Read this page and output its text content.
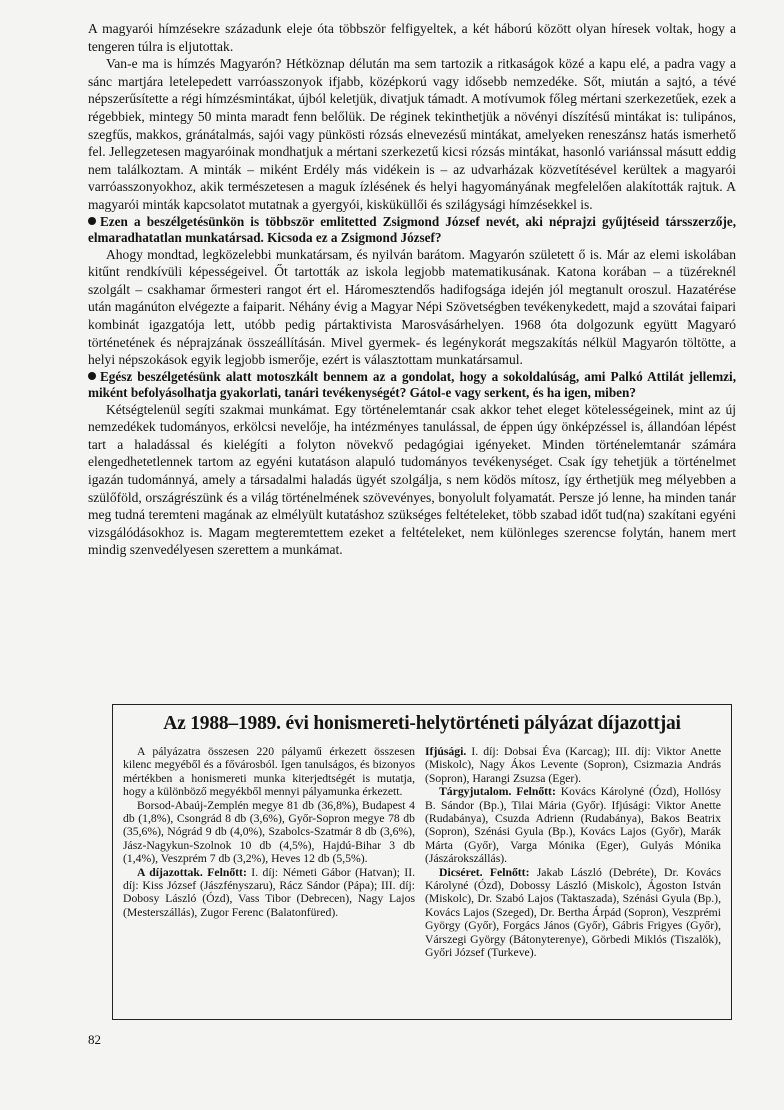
A magyarói hímzésekre századunk eleje óta többször felfigyeltek, a két háború között olyan híresek voltak, hogy a tengeren túlra is eljutottak.

Van-e ma is hímzés Magyarón? Hétköznap délután ma sem tartozik a ritkaságok közé a kapu elé, a padra vagy a sánc martjára letelepedett varróasszonyok ifjabb, középkorú vagy idősebb nemzedéke. Sőt, miután a sajtó, a tévé népszerűsítette a régi hímzésmintákat, újból keletjük, divatjuk támadt. A motívumok főleg mértani szerkezetűek, ezek a régebbiek, mintegy 50 minta maradt fenn belőlük. De réginek tekinthetjük a növényi díszítésű mintákat is: tulipános, szegfűs, makkos, gránátalmás, sajói vagy pünkösti rózsás elnevezésű mintákat, amelyeken reneszánsz hatás ismerhető fel. Jellegzetesen magyaróinak mondhatjuk a mértani szerkezetű kicsi rózsás mintákat, hasonló variánssal másutt eddig nem találkoztam. A minták – miként Erdély más vidékein is – az udvarházak közvetítésével kerültek a magyarói varróasszonyokhoz, akik természetesen a maguk ízlésének és helyi hagyományának megfelelően alakították rajtuk. A magyarói minták kapcsolatot mutatnak a gyergyói, kisküküllői és szilágysági hímzésekkel is.

Ezen a beszélgetésünkön is többször emlitetted Zsigmond József nevét, aki néprajzi gyűjtéseid társszerzője, elmaradhatatlan munkatársad. Kicsoda ez a Zsigmond József?

Ahogy mondtad, legközelebbi munkatársam, és nyilván barátom. Magyarón született ő is. Már az elemi iskolában kitűnt rendkívüli képességeivel. Őt tartották az iskola legjobb matematikusának. Katona korában – a tüzéreknél szolgált – csakhamar őrmesteri rangot ért el. Háromesztendős hadifogsága idején jól megtanult oroszul. Hazatérése után magánúton elvégezte a faiparit. Néhány évig a Magyar Népi Szövetségben tevékenykedett, majd a szovátai faipari kombinát igazgatója lett, utóbb pedig pártaktivista Marosvásárhelyen. 1968 óta dolgozunk együtt Magyaró történetének és néprajzának összeállításán. Mivel gyermek- és legénykorát megszakítás nélkül Magyarón töltötte, a helyi népszokások egyik legjobb ismerője, ezért is választottam munkatársamul.

Egész beszélgetésünk alatt motoszkált bennem az a gondolat, hogy a sokoldalúság, ami Palkó Attilát jellemzi, miként befolyásolhatja gyakorlati, tanári tevékenységét? Gátol-e vagy serkent, és ha igen, miben?

Kétségtelenül segíti szakmai munkámat. Egy történelemtanár csak akkor tehet eleget kötelességeinek, mint az új nemzedékek tudományos, erkölcsi nevelője, ha intézményes tanulással, de éppen úgy önképzéssel is, állandóan lépést tart a haladással és kielégíti a folyton növekvő pedagógiai igényeket. Minden történelemtanár számára elengedhetetlennek tartom az egyéni kutatáson alapuló tudományos tevékenységet. Csak így tehetjük a történelmet igazán tudománnyá, amely a társadalmi haladás ügyét szolgálja, s nem ködös mítosz, így érthetjük meg mélyebben a szülőföld, országrészünk és a világ történelmének szövevényes, bonyolult folyamatát. Persze jó lenne, ha minden tanár meg tudná teremteni magának az elmélyült kutatáshoz szükséges feltételeket, több szabad időt tud(na) szakítani egyéni vizsgálódásokhoz is. Magam megteremtettem ezeket a feltételeket, nem különleges szerencse folytán, hanem mert mindig szenvedélyesen szerettem a munkámat.

Az 1988–1989. évi honismereti-helytörténeti pályázat díjazottjai

A pályázatra összesen 220 pályamű érkezett összesen kilenc megyéből és a fővárosból. Igen tanulságos, és bizonyos mértékben a honismereti munka kiterjedtségét is mutatja, hogy a különböző megyékből mennyi pályamunka érkezett.

Borsod-Abaúj-Zemplén megye 81 db (36,8%), Budapest 4 db (1,8%), Csongrád 8 db (3,6%), Győr-Sopron megye 78 db (35,6%), Nógrád 9 db (4,0%), Szabolcs-Szatmár 8 db (3,6%), Jász-Nagykun-Szolnok 10 db (4,5%), Hajdú-Bihar 3 db (1,4%), Veszprém 7 db (3,2%), Heves 12 db (5,5%).

A díjazottak. Felnőtt: I. díj: Németi Gábor (Hatvan); II. díj: Kiss József (Jászfényszaru), Rácz Sándor (Pápa); III. díj: Dobosy László (Ózd), Vass Tibor (Debrecen), Nagy Lajos (Mesterszállás), Zugor Ferenc (Balatonfüred).

Ifjúsági. I. díj: Dobsai Éva (Karcag); III. díj: Viktor Anette (Miskolc), Nagy Ákos Levente (Sopron), Csizmazia András (Sopron), Harangi Zsuzsa (Eger).

Tárgyjutalom. Felnőtt: Kovács Károlyné (Ózd), Hollósy B. Sándor (Bp.), Tilai Mária (Győr). Ifjúsági: Viktor Anette (Rudabánya), Csuzda Adrienn (Rudabánya), Bakos Beatrix (Sopron), Szénási Gyula (Bp.), Kovács Lajos (Győr), Marák Márta (Győr), Varga Mónika (Eger), Gulyás Mónika (Jászárokszállás).

Dicséret. Felnőtt: Jakab László (Debréte), Dr. Kovács Károlyné (Ózd), Dobossy László (Miskolc), Ágoston István (Miskolc), Dr. Szabó Lajos (Taktaszada), Szénási Gyula (Bp.), Kovács Lajos (Szeged), Dr. Bertha Árpád (Sopron), Veszprémi György (Győr), Forgács János (Győr), Gábris Frigyes (Győr), Várszegi György (Bátonyterenye), Görbedi Miklós (Tiszalök), Győri József (Turkeve).

82
